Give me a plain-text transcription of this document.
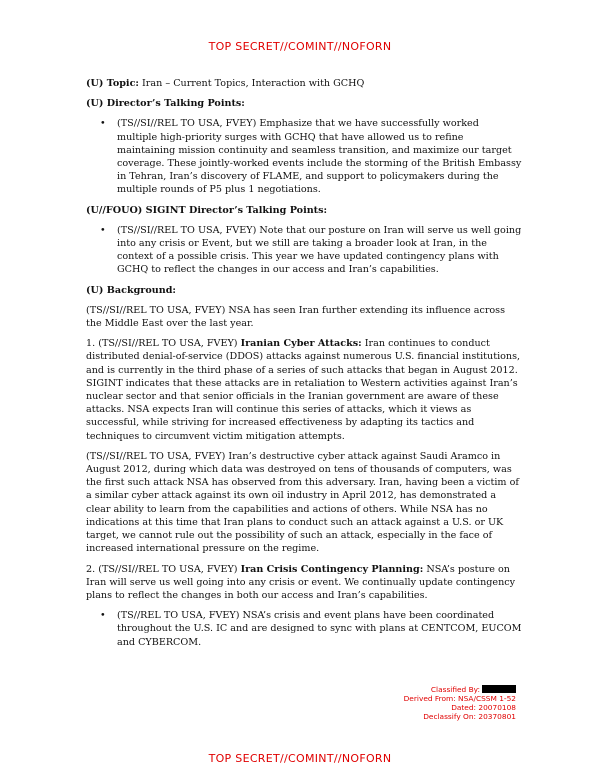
TOP SECRET//COMINT//NOFORN

(U) Topic: Iran – Current Topics, Interaction with GCHQ

(U) Director’s Talking Points:

• (TS//SI//REL TO USA, FVEY) Emphasize that we have successfully worked multiple high-priority surges with GCHQ that have allowed us to refine maintaining mission continuity and seamless transition, and maximize our target coverage. These jointly-worked events include the storming of the British Embassy in Tehran, Iran’s discovery of FLAME, and support to policymakers during the multiple rounds of P5 plus 1 negotiations.

(U//FOUO) SIGINT Director’s Talking Points:

• (TS//SI//REL TO USA, FVEY) Note that our posture on Iran will serve us well going into any crisis or Event, but we still are taking a broader look at Iran, in the context of a possible crisis. This year we have updated contingency plans with GCHQ to reflect the changes in our access and Iran’s capabilities.

(U) Background:

(TS//SI//REL TO USA, FVEY) NSA has seen Iran further extending its influence across the Middle East over the last year.

1. (TS//SI//REL TO USA, FVEY) Iranian Cyber Attacks: Iran continues to conduct distributed denial-of-service (DDOS) attacks against numerous U.S. financial institutions, and is currently in the third phase of a series of such attacks that began in August 2012. SIGINT indicates that these attacks are in retaliation to Western activities against Iran’s nuclear sector and that senior officials in the Iranian government are aware of these attacks. NSA expects Iran will continue this series of attacks, which it views as successful, while striving for increased effectiveness by adapting its tactics and techniques to circumvent victim mitigation attempts.

(TS//SI//REL TO USA, FVEY) Iran’s destructive cyber attack against Saudi Aramco in August 2012, during which data was destroyed on tens of thousands of computers, was the first such attack NSA has observed from this adversary. Iran, having been a victim of a similar cyber attack against its own oil industry in April 2012, has demonstrated a clear ability to learn from the capabilities and actions of others. While NSA has no indications at this time that Iran plans to conduct such an attack against a U.S. or UK target, we cannot rule out the possibility of such an attack, especially in the face of increased international pressure on the regime.

2. (TS//SI//REL TO USA, FVEY) Iran Crisis Contingency Planning: NSA’s posture on Iran will serve us well going into any crisis or event. We continually update contingency plans to reflect the changes in both our access and Iran’s capabilities.

• (TS//REL TO USA, FVEY) NSA’s crisis and event plans have been coordinated throughout the U.S. IC and are designed to sync with plans at CENTCOM, EUCOM and CYBERCOM.
Classified By:
Derived From: NSA/CSSM 1-52
Dated: 20070108
Declassify On: 20370801
TOP SECRET//COMINT//NOFORN
